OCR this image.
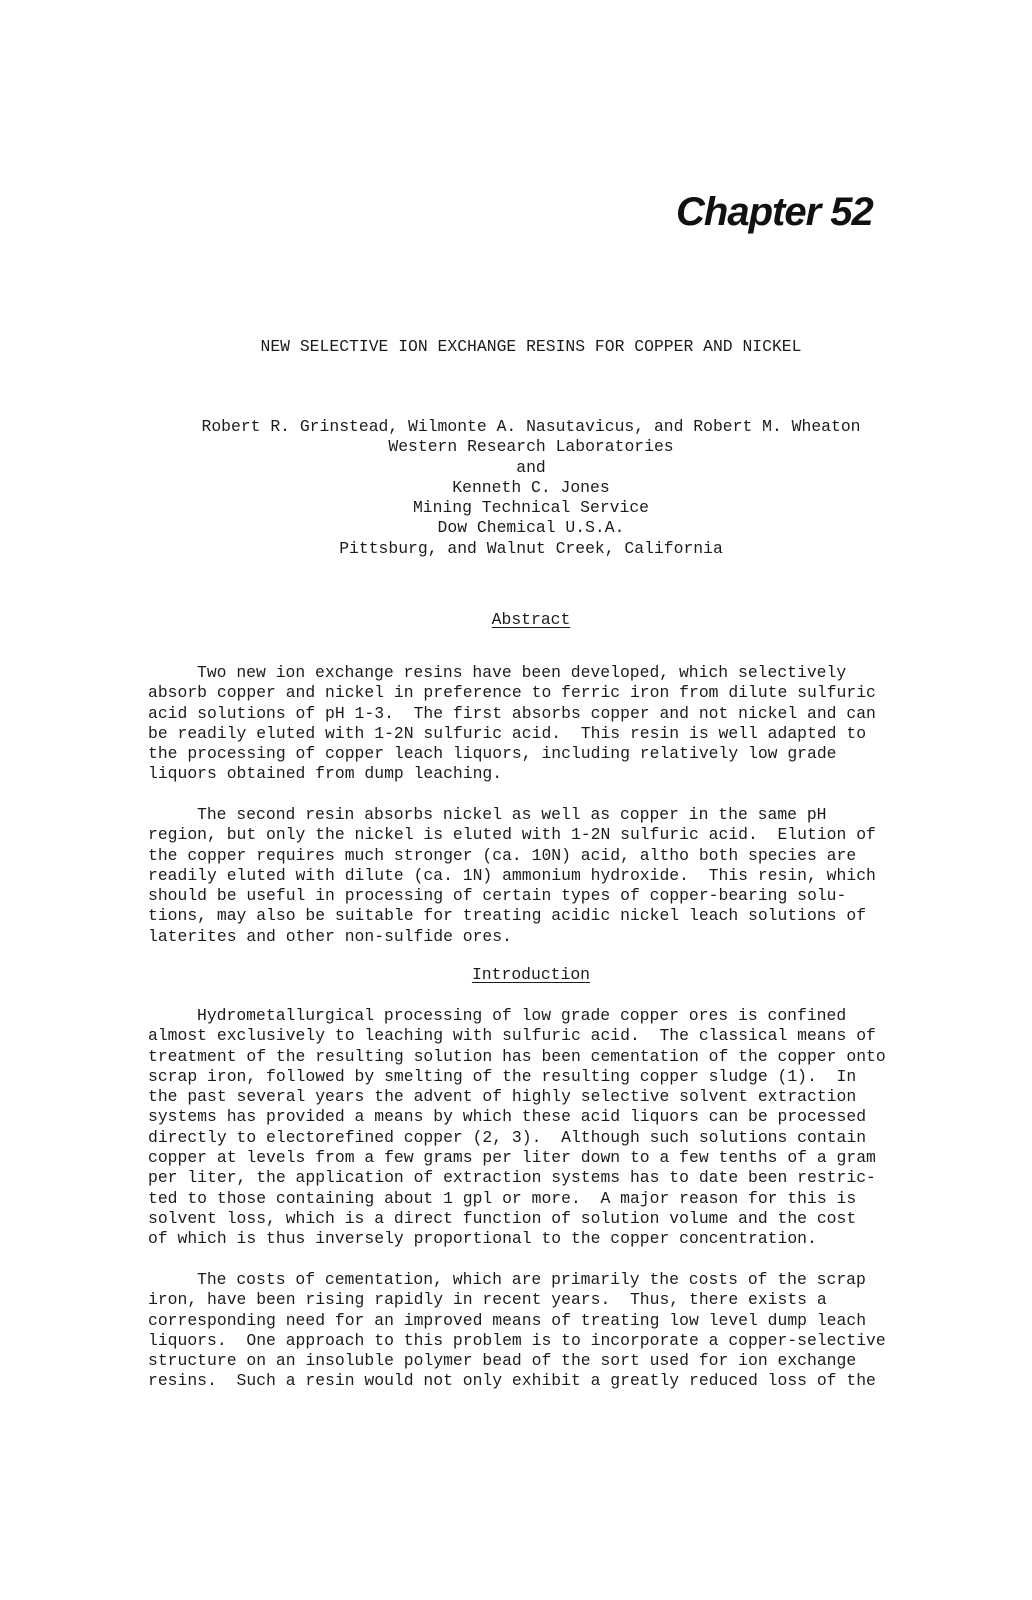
Chapter 52
NEW SELECTIVE ION EXCHANGE RESINS FOR COPPER AND NICKEL
Robert R. Grinstead, Wilmonte A. Nasutavicus, and Robert M. Wheaton
Western Research Laboratories
and
Kenneth C. Jones
Mining Technical Service
Dow Chemical U.S.A.
Pittsburg, and Walnut Creek, California
Abstract
Two new ion exchange resins have been developed, which selectively
absorb copper and nickel in preference to ferric iron from dilute sulfuric
acid solutions of pH 1-3.  The first absorbs copper and not nickel and can
be readily eluted with 1-2N sulfuric acid.  This resin is well adapted to
the processing of copper leach liquors, including relatively low grade
liquors obtained from dump leaching.
The second resin absorbs nickel as well as copper in the same pH
region, but only the nickel is eluted with 1-2N sulfuric acid.  Elution of
the copper requires much stronger (ca. 10N) acid, altho both species are
readily eluted with dilute (ca. 1N) ammonium hydroxide.  This resin, which
should be useful in processing of certain types of copper-bearing solu-
tions, may also be suitable for treating acidic nickel leach solutions of
laterites and other non-sulfide ores.
Introduction
Hydrometallurgical processing of low grade copper ores is confined
almost exclusively to leaching with sulfuric acid.  The classical means of
treatment of the resulting solution has been cementation of the copper onto
scrap iron, followed by smelting of the resulting copper sludge (1).  In
the past several years the advent of highly selective solvent extraction
systems has provided a means by which these acid liquors can be processed
directly to electorefined copper (2, 3).  Although such solutions contain
copper at levels from a few grams per liter down to a few tenths of a gram
per liter, the application of extraction systems has to date been restric-
ted to those containing about 1 gpl or more.  A major reason for this is
solvent loss, which is a direct function of solution volume and the cost
of which is thus inversely proportional to the copper concentration.
The costs of cementation, which are primarily the costs of the scrap
iron, have been rising rapidly in recent years.  Thus, there exists a
corresponding need for an improved means of treating low level dump leach
liquors.  One approach to this problem is to incorporate a copper-selective
structure on an insoluble polymer bead of the sort used for ion exchange
resins.  Such a resin would not only exhibit a greatly reduced loss of the
